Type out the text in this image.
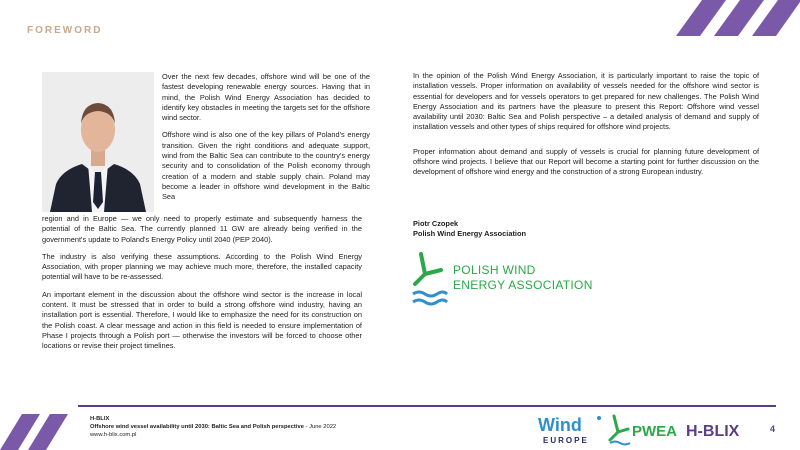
FOREWORD

Over the next few decades, offshore wind will be one of the fastest developing renewable energy sources. Having that in mind, the Polish Wind Energy Association has decided to identify key obstacles in meeting the targets set for the offshore wind sector.

Offshore wind is also one of the key pillars of Poland's energy transition. Given the right conditions and adequate support, wind from the Baltic Sea can contribute to the country's energy security and to consolidation of the Polish economy through creation of a modern and stable supply chain. Poland may become a leader in offshore wind development in the Baltic Sea

region and in Europe — we only need to properly estimate and subsequently harness the potential of the Baltic Sea. The currently planned 11 GW are already being verified in the government's update to Poland's Energy Policy until 2040 (PEP 2040).

The industry is also verifying these assumptions. According to the Polish Wind Energy Association, with proper planning we may achieve much more, therefore, the installed capacity potential will have to be re-assessed.

An important element in the discussion about the offshore wind sector is the increase in local content. It must be stressed that in order to build a strong offshore wind industry, having an installation port is essential. Therefore, I would like to emphasize the need for its construction on the Polish coast. A clear message and action in this field is needed to ensure implementation of Phase I projects through a Polish port — otherwise the investors will be forced to choose other locations or revise their project timelines.

In the opinion of the Polish Wind Energy Association, it is particularly important to raise the topic of installation vessels. Proper information on availability of vessels needed for the offshore wind sector is essential for developers and for vessels operators to get prepared for new challenges. The Polish Wind Energy Association and its partners have the pleasure to present this Report: Offshore wind vessel availability until 2030: Baltic Sea and Polish perspective – a detailed analysis of demand and supply of installation vessels and other types of ships required for offshore wind projects.

Proper information about demand and supply of vessels is crucial for planning future development of offshore wind projects. I believe that our Report will become a starting point for further discussion on the development of offshore wind energy and the construction of a strong European industry.

Piotr Czopek
Polish Wind Energy Association
POLISH WIND
ENERGY ASSOCIATION
H-BLIX
Offshore wind vessel availability until 2030: Baltic Sea and Polish perspective - June 2022
www.h-blix.com.pl
Wind
EUROPE
PWEA H-BLIX	4
